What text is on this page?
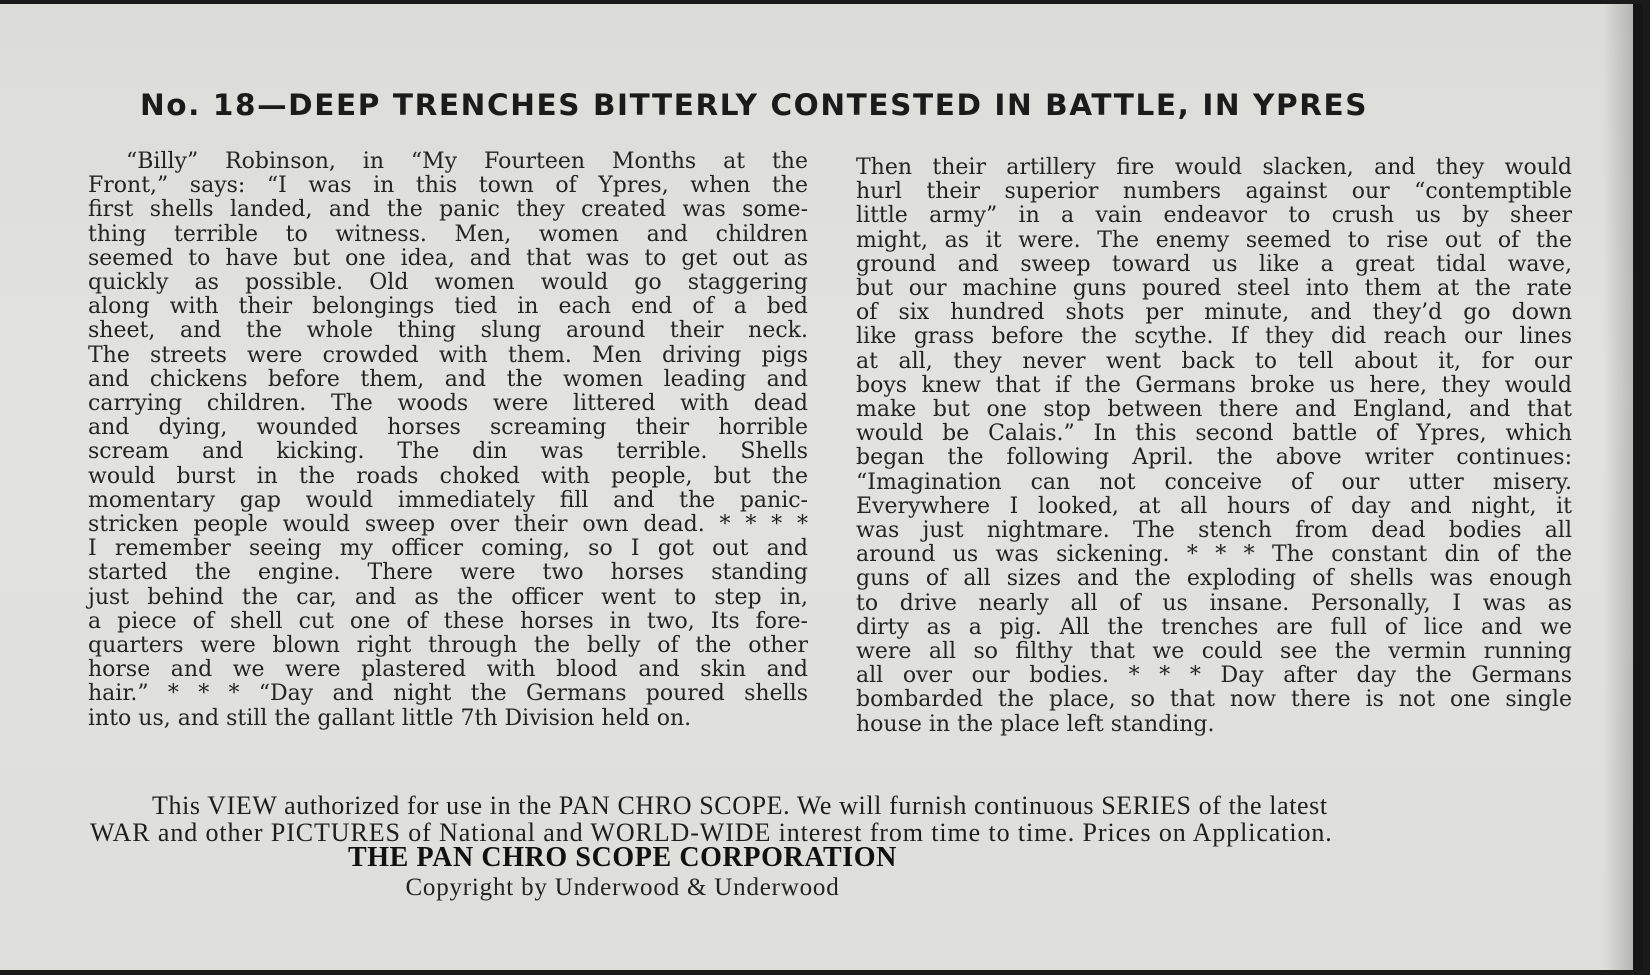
No. 18—DEEP TRENCHES BITTERLY CONTESTED IN BATTLE, IN YPRES
“Billy” Robinson, in “My Fourteen Months at the
Front,” says: “I was in this town of Ypres, when the
first shells landed, and the panic they created was some-
thing terrible to witness. Men, women and children
seemed to have but one idea, and that was to get out as
quickly as possible. Old women would go staggering
along with their belongings tied in each end of a bed
sheet, and the whole thing slung around their neck.
The streets were crowded with them. Men driving pigs
and chickens before them, and the women leading and
carrying children. The woods were littered with dead
and dying, wounded horses screaming their horrible
scream and kicking. The din was terrible. Shells
would burst in the roads choked with people, but the
momentary gap would immediately fill and the panic-
stricken people would sweep over their own dead. * * * *
I remember seeing my officer coming, so I got out and
started the engine. There were two horses standing
just behind the car, and as the officer went to step in,
a piece of shell cut one of these horses in two, Its fore-
quarters were blown right through the belly of the other
horse and we were plastered with blood and skin and
hair.” * * * “Day and night the Germans poured shells
into us, and still the gallant little 7th Division held on.
Then their artillery fire would slacken, and they would
hurl their superior numbers against our “contemptible
little army” in a vain endeavor to crush us by sheer
might, as it were. The enemy seemed to rise out of the
ground and sweep toward us like a great tidal wave,
but our machine guns poured steel into them at the rate
of six hundred shots per minute, and they’d go down
like grass before the scythe. If they did reach our lines
at all, they never went back to tell about it, for our
boys knew that if the Germans broke us here, they would
make but one stop between there and England, and that
would be Calais.” In this second battle of Ypres, which
began the following April. the above writer continues:
“Imagination can not conceive of our utter misery.
Everywhere I looked, at all hours of day and night, it
was just nightmare. The stench from dead bodies all
around us was sickening. * * * The constant din of the
guns of all sizes and the exploding of shells was enough
to drive nearly all of us insane. Personally, I was as
dirty as a pig. All the trenches are full of lice and we
were all so filthy that we could see the vermin running
all over our bodies. * * * Day after day the Germans
bombarded the place, so that now there is not one single
house in the place left standing.
This VIEW authorized for use in the PAN CHRO SCOPE. We will furnish continuous SERIES of the latest
WAR and other PICTURES of National and WORLD-WIDE interest from time to time. Prices on Application.
THE PAN CHRO SCOPE CORPORATION
Copyright by Underwood & Underwood
